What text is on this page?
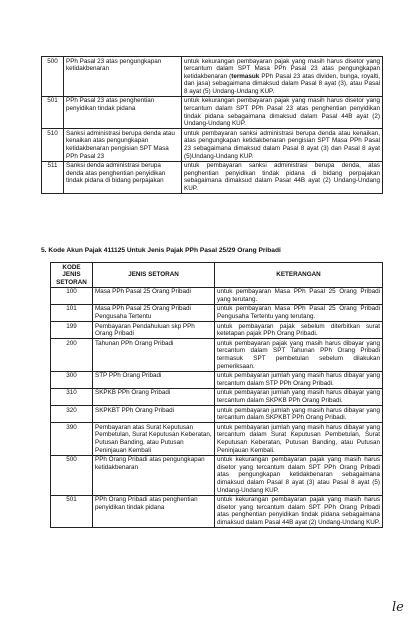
500	PPh Pasal 23 atas pengungkapan ketidakbenaran	untuk kekurangan pembayaran pajak yang masih harus disetor yang tercantum dalam SPT Masa PPh Pasal 23 atas pengungkapan ketidakbenaran (termasuk PPh Pasal 23 atas dividen, bunga, royalti, dan jasa) sebagaimana dimaksud dalam Pasal 8 ayat (3), atau Pasal 8 ayat (5) Undang-Undang KUP.
501	PPh Pasal 23 atas penghentian penyidikan tindak pidana	untuk kekurangan pembayaran pajak yang masih harus disetor yang tercantum dalam SPT PPh Pasal 23 atas penghentian penyidikan tindak pidana sebagaimana dimaksud dalam Pasal 44B ayat (2) Undang-Undang KUP.
510	Sanksi administrasi berupa denda atau kenaikan atas pengungkapan ketidakbenaran pengisian SPT Masa PPh Pasal 23	untuk pembayaran sanksi administrasi berupa denda atau kenaikan, atas pengungkapan ketidakbenaran pengisian SPT Masa PPh Pasal 23 sebagaimana dimaksud dalam Pasal 8 ayat (3) dan Pasal 8 ayat (5)Undang-Undang KUP.
511	Sanksi denda administrasi berupa denda atas penghentian penyidikan tindak pidana di bidang perpajakan	untuk pembayaran sanksi administrasi berupa denda, atas penghentian penyidikan tindak pidana di bidang perpajakan sebagaimana dimaksud dalam Pasal 44B ayat (2) Undang-Undang KUP.
5. Kode Akun Pajak 411125 Untuk Jenis Pajak PPh Pasal 25/29 Orang Pribadi
KODE JENIS SETORAN	JENIS SETORAN	KETERANGAN
100	Masa PPh Pasal 25 Orang Pribadi	untuk pembayaran Masa PPh Pasal 25 Orang Pribadi yang terutang.
101	Masa PPh Pasal 25 Orang Pribadi Pengusaha Tertentu	untuk pembayaran Masa PPh Pasal 25 Orang Pribadi Pengusaha Tertentu yang terutang.
199	Pembayaran Pendahuluan skp PPh Orang Pribadi	untuk pembayaran pajak sebelum diterbitkan surat ketetapan pajak PPh Orang Pribadi.
200	Tahunan PPh Orang Pribadi	untuk pembayaran pajak yang masih harus dibayar yang tercantum dalam SPT Tahunan PPh Orang Pribadi termasuk SPT pembetulan sebelum dilakukan pemeriksaan.
300	STP PPh Orang Pribadi	untuk pembayaran jumlah yang masih harus dibayar yang tercantum dalam STP PPh Orang Pribadi.
310	SKPKB PPh Orang Pribadi	untuk pembayaran jumlah yang masih harus dibayar yang tercantum dalam SKPKB PPh Orang Pribadi.
320	SKPKBT PPh Orang Pribadi	untuk pembayaran jumlah yang masih harus dibayar yang tercantum dalam SKPKBT PPh Orang Pribadi.
390	Pembayaran atas Surat Keputusan Pembetulan, Surat Keputusan Keberatan, Putusan Banding, atau Putusan Peninjauan Kembali	untuk pembayaran jumlah yang masih harus dibayar yang tercantum dalam Surat Keputusan Pembetulan, Surat Keputusan Keberatan, Putusan Banding, atau Putusan Peninjauan Kembali.
500	PPh Orang Pribadi atas pengungkapan ketidakbenaran	untuk kekurangan pembayaran pajak yang masih harus disetor yang tercantum dalam SPT PPh Orang Pribadi atas pengungkapan ketidakbenaran sebagaimana dimaksud dalam Pasal 8 ayat (3) atau Pasal 8 ayat (5) Undang-Undang KUP.
501	PPh Orang Pribadi atas penghentian penyidikan tindak pidana	untuk kekurangan pembayaran pajak yang masih harus disetor yang tercantum dalam SPT PPh Orang Pribadi atas penghentian penyidikan tindak pidana sebagaimana dimaksud dalam Pasal 44B ayat (2) Undang-Undang KUP.
le
